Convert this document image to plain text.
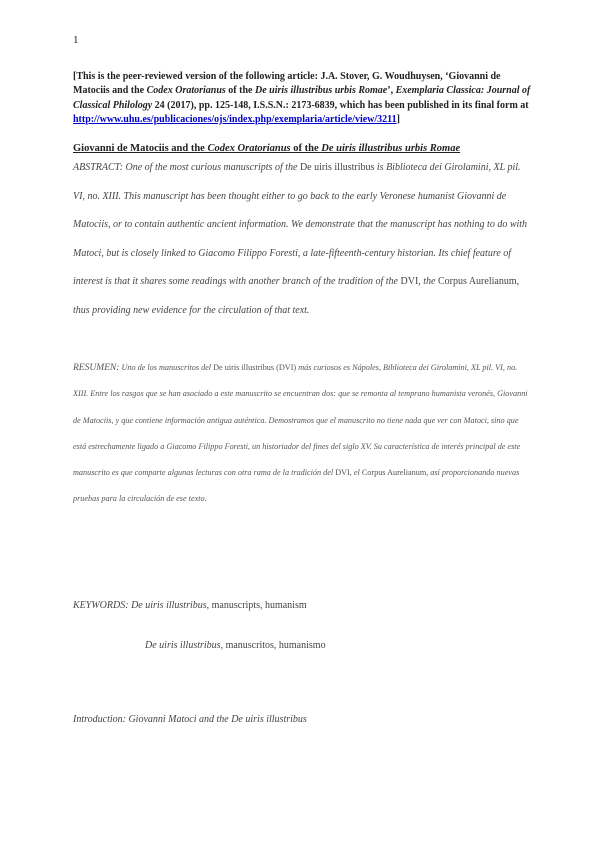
1
[This is the peer-reviewed version of the following article: J.A. Stover, G. Woudhuysen, ‘Giovanni de Matociis and the Codex Oratorianus of the De uiris illustribus urbis Romae’, Exemplaria Classica: Journal of Classical Philology 24 (2017), pp. 125-148, I.S.S.N.: 2173-6839, which has been published in its final form at http://www.uhu.es/publicaciones/ojs/index.php/exemplaria/article/view/3211]
Giovanni de Matociis and the Codex Oratorianus of the De uiris illustribus urbis Romae
ABSTRACT: One of the most curious manuscripts of the De uiris illustribus is Biblioteca dei Girolamini, XL pil. VI, no. XIII. This manuscript has been thought either to go back to the early Veronese humanist Giovanni de Matociis, or to contain authentic ancient information. We demonstrate that the manuscript has nothing to do with Matoci, but is closely linked to Giacomo Filippo Foresti, a late-fifteenth-century historian. Its chief feature of interest is that it shares some readings with another branch of the tradition of the DVI, the Corpus Aurelianum, thus providing new evidence for the circulation of that text.
RESUMEN: Uno de los manuscritos del De uiris illustribus (DVI) más curiosos es Nápoles, Biblioteca dei Girolamini, XL pil. VI, no. XIII. Entre los rasgos que se han asociado a este manuscrito se encuentran dos: que se remonta al temprano humanista veronés, Giovanni de Matociis, y que contiene información antigua auténtica. Demostramos que el manuscrito no tiene nada que ver con Matoci, sino que está estrechamente ligado a Giacomo Filippo Foresti, un historiador del fines del siglo XV. Su característica de interés principal de este manuscrito es que comparte algunas lecturas con otra rama de la tradición del DVI, el Corpus Aurelianum, así proporcionando nuevas pruebas para la circulación de ese texto.
KEYWORDS: De uiris illustribus, manuscripts, humanism
De uiris illustribus, manuscritos, humanismo
Introduction: Giovanni Matoci and the De uiris illustribus
